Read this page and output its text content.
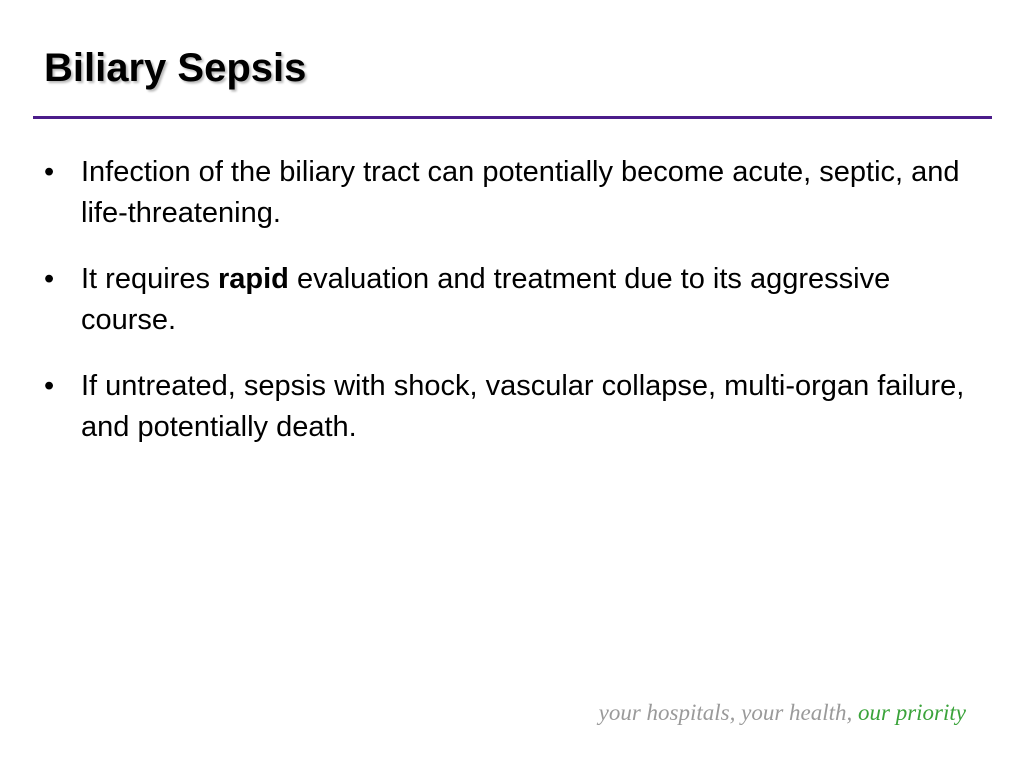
Biliary Sepsis
• Infection of the biliary tract can potentially become acute, septic, and life-threatening.
• It requires rapid evaluation and treatment due to its aggressive course.
• If untreated, sepsis with shock, vascular collapse, multi-organ failure, and potentially death.
your hospitals, your health, our priority
